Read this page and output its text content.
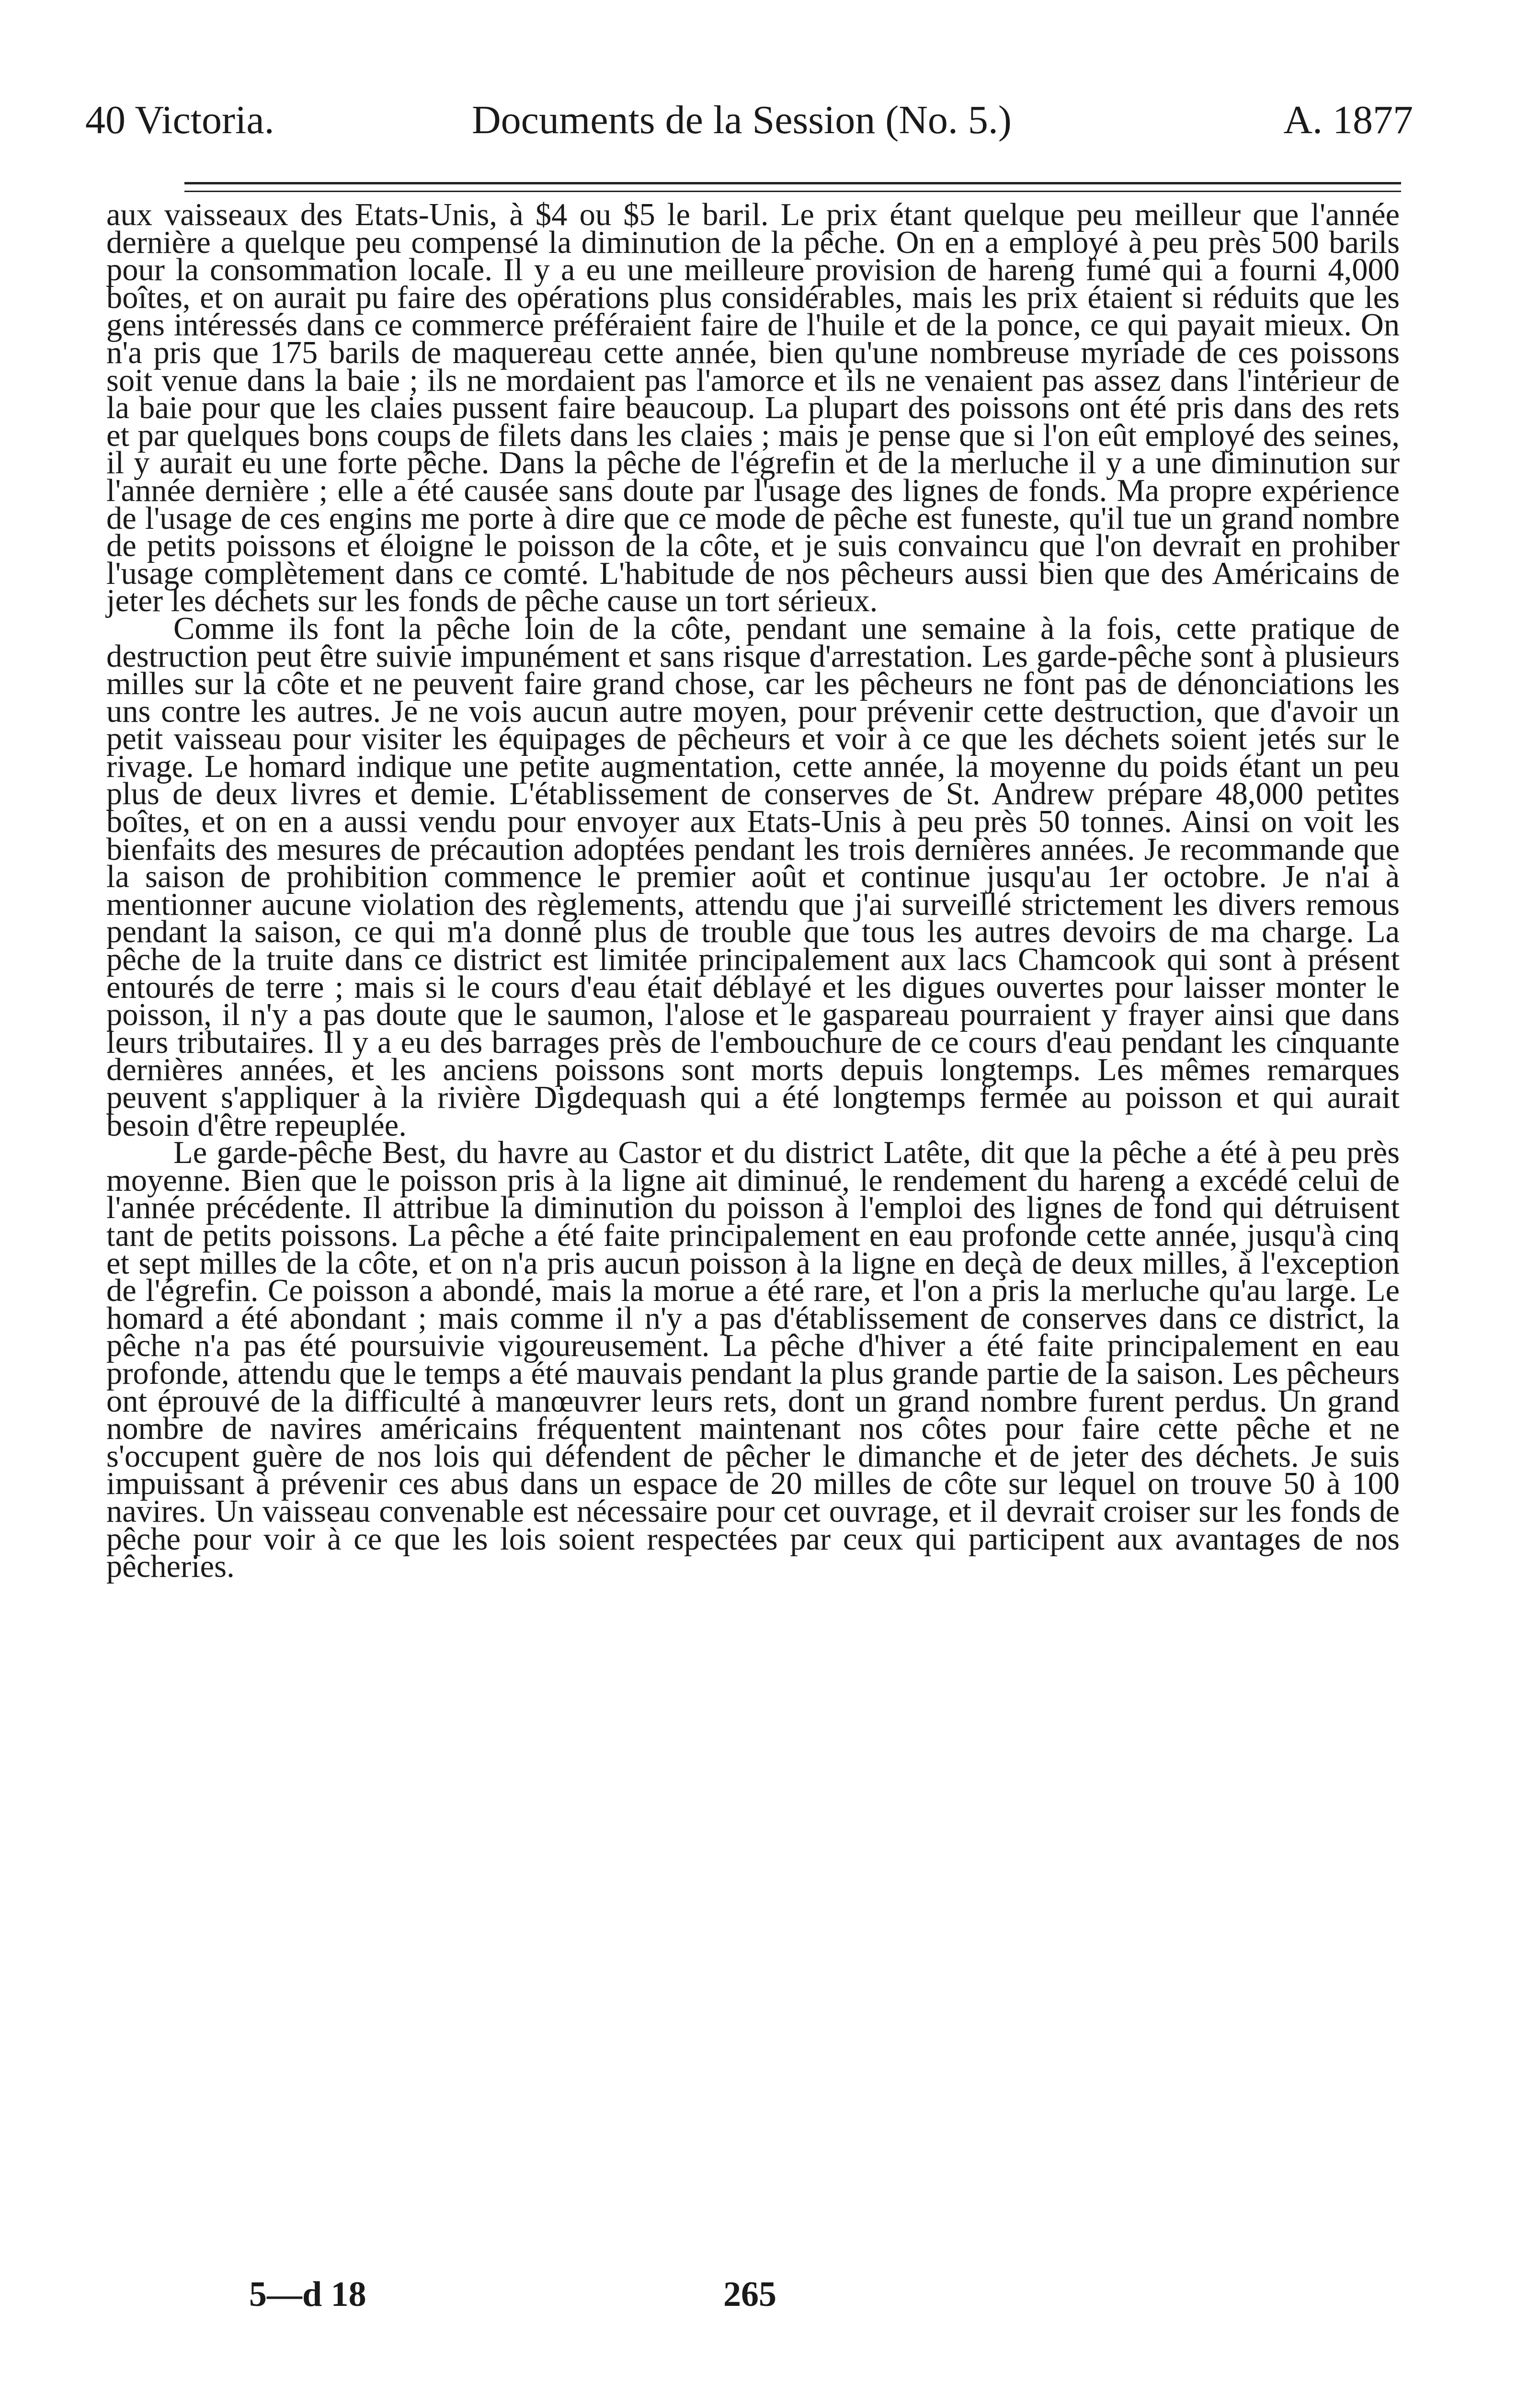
40 Victoria.	Documents de la Session (No. 5.)	A. 1877

aux vaisseaux des Etats-Unis, à $4 ou $5 le baril. Le prix étant quelque peu meilleur que l'année dernière a quelque peu compensé la diminution de la pêche. On en a employé à peu près 500 barils pour la consommation locale. Il y a eu une meilleure provision de hareng fumé qui a fourni 4,000 boîtes, et on aurait pu faire des opérations plus considérables, mais les prix étaient si réduits que les gens intéressés dans ce commerce préféraient faire de l'huile et de la ponce, ce qui payait mieux. On n'a pris que 175 barils de maquereau cette année, bien qu'une nombreuse myriade de ces poissons soit venue dans la baie ; ils ne mordaient pas l'amorce et ils ne venaient pas assez dans l'intérieur de la baie pour que les claies pussent faire beaucoup. La plupart des poissons ont été pris dans des rets et par quelques bons coups de filets dans les claies ; mais je pense que si l'on eût employé des seines, il y aurait eu une forte pêche. Dans la pêche de l'égrefin et de la merluche il y a une diminution sur l'année dernière ; elle a été causée sans doute par l'usage des lignes de fonds. Ma propre expérience de l'usage de ces engins me porte à dire que ce mode de pêche est funeste, qu'il tue un grand nombre de petits poissons et éloigne le poisson de la côte, et je suis convaincu que l'on devrait en prohiber l'usage complètement dans ce comté. L'habitude de nos pêcheurs aussi bien que des Américains de jeter les déchets sur les fonds de pêche cause un tort sérieux.

Comme ils font la pêche loin de la côte, pendant une semaine à la fois, cette pratique de destruction peut être suivie impunément et sans risque d'arrestation. Les garde-pêche sont à plusieurs milles sur la côte et ne peuvent faire grand chose, car les pêcheurs ne font pas de dénonciations les uns contre les autres. Je ne vois aucun autre moyen, pour prévenir cette destruction, que d'avoir un petit vaisseau pour visiter les équipages de pêcheurs et voir à ce que les déchets soient jetés sur le rivage. Le homard indique une petite augmentation, cette année, la moyenne du poids étant un peu plus de deux livres et demie. L'établissement de conserves de St. Andrew prépare 48,000 petites boîtes, et on en a aussi vendu pour envoyer aux Etats-Unis à peu près 50 tonnes. Ainsi on voit les bienfaits des mesures de précaution adoptées pendant les trois dernières années. Je recommande que la saison de prohibition commence le premier août et continue jusqu'au 1er octobre. Je n'ai à mentionner aucune violation des règlements, attendu que j'ai surveillé strictement les divers remous pendant la saison, ce qui m'a donné plus de trouble que tous les autres devoirs de ma charge. La pêche de la truite dans ce district est limitée principalement aux lacs Chamcook qui sont à présent entourés de terre ; mais si le cours d'eau était déblayé et les digues ouvertes pour laisser monter le poisson, il n'y a pas doute que le saumon, l'alose et le gaspareau pourraient y frayer ainsi que dans leurs tributaires. Il y a eu des barrages près de l'embouchure de ce cours d'eau pendant les cinquante dernières années, et les anciens poissons sont morts depuis longtemps. Les mêmes remarques peuvent s'appliquer à la rivière Digdequash qui a été longtemps fermée au poisson et qui aurait besoin d'être repeuplée.

Le garde-pêche Best, du havre au Castor et du district Latête, dit que la pêche a été à peu près moyenne. Bien que le poisson pris à la ligne ait diminué, le rendement du hareng a excédé celui de l'année précédente. Il attribue la diminution du poisson à l'emploi des lignes de fond qui détruisent tant de petits poissons. La pêche a été faite principalement en eau profonde cette année, jusqu'à cinq et sept milles de la côte, et on n'a pris aucun poisson à la ligne en deçà de deux milles, à l'exception de l'égrefin. Ce poisson a abondé, mais la morue a été rare, et l'on a pris la merluche qu'au large. Le homard a été abondant ; mais comme il n'y a pas d'établissement de conserves dans ce district, la pêche n'a pas été poursuivie vigoureusement. La pêche d'hiver a été faite principalement en eau profonde, attendu que le temps a été mauvais pendant la plus grande partie de la saison. Les pêcheurs ont éprouvé de la difficulté à manœuvrer leurs rets, dont un grand nombre furent perdus. Un grand nombre de navires américains fréquentent maintenant nos côtes pour faire cette pêche et ne s'occupent guère de nos lois qui défendent de pêcher le dimanche et de jeter des déchets. Je suis impuissant à prévenir ces abus dans un espace de 20 milles de côte sur lequel on trouve 50 à 100 navires. Un vaisseau convenable est nécessaire pour cet ouvrage, et il devrait croiser sur les fonds de pêche pour voir à ce que les lois soient respectées par ceux qui participent aux avantages de nos pêcheries.

5—d 18	265
